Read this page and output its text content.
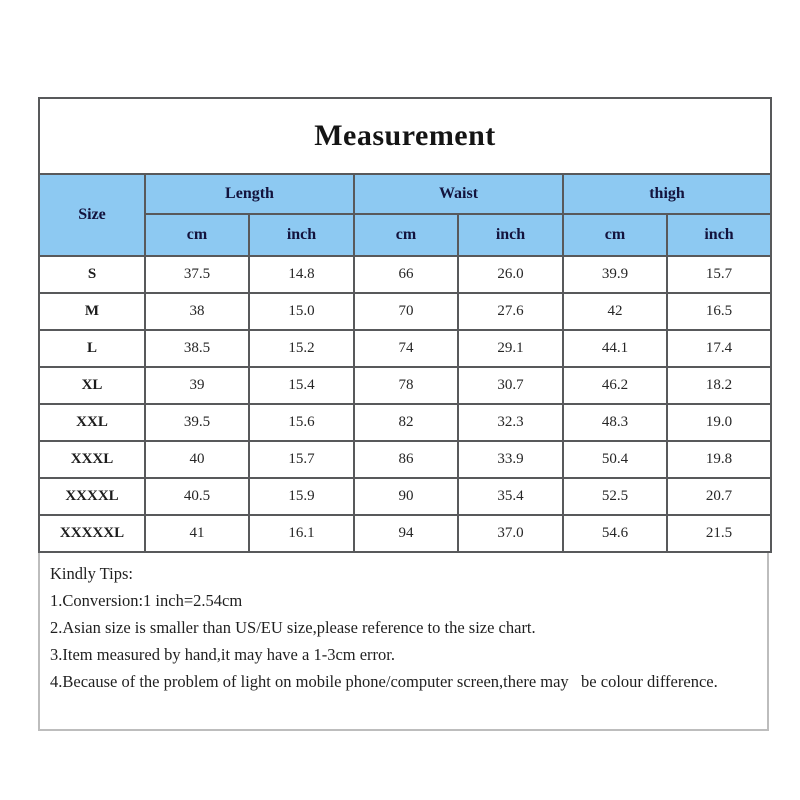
Measurement						
Size	Length		Waist		thigh	
	cm	inch	cm	inch	cm	inch
S	37.5	14.8	66	26.0	39.9	15.7
M	38	15.0	70	27.6	42	16.5
L	38.5	15.2	74	29.1	44.1	17.4
XL	39	15.4	78	30.7	46.2	18.2
XXL	39.5	15.6	82	32.3	48.3	19.0
XXXL	40	15.7	86	33.9	50.4	19.8
XXXXL	40.5	15.9	90	35.4	52.5	20.7
XXXXXL	41	16.1	94	37.0	54.6	21.5
Kindly Tips:
1.Conversion:1 inch=2.54cm
2.Asian size is smaller than US/EU size,please reference to the size chart.
3.Item measured by hand,it may have a 1-3cm error.
4.Because of the problem of light on mobile phone/computer screen,there may   be colour difference.
